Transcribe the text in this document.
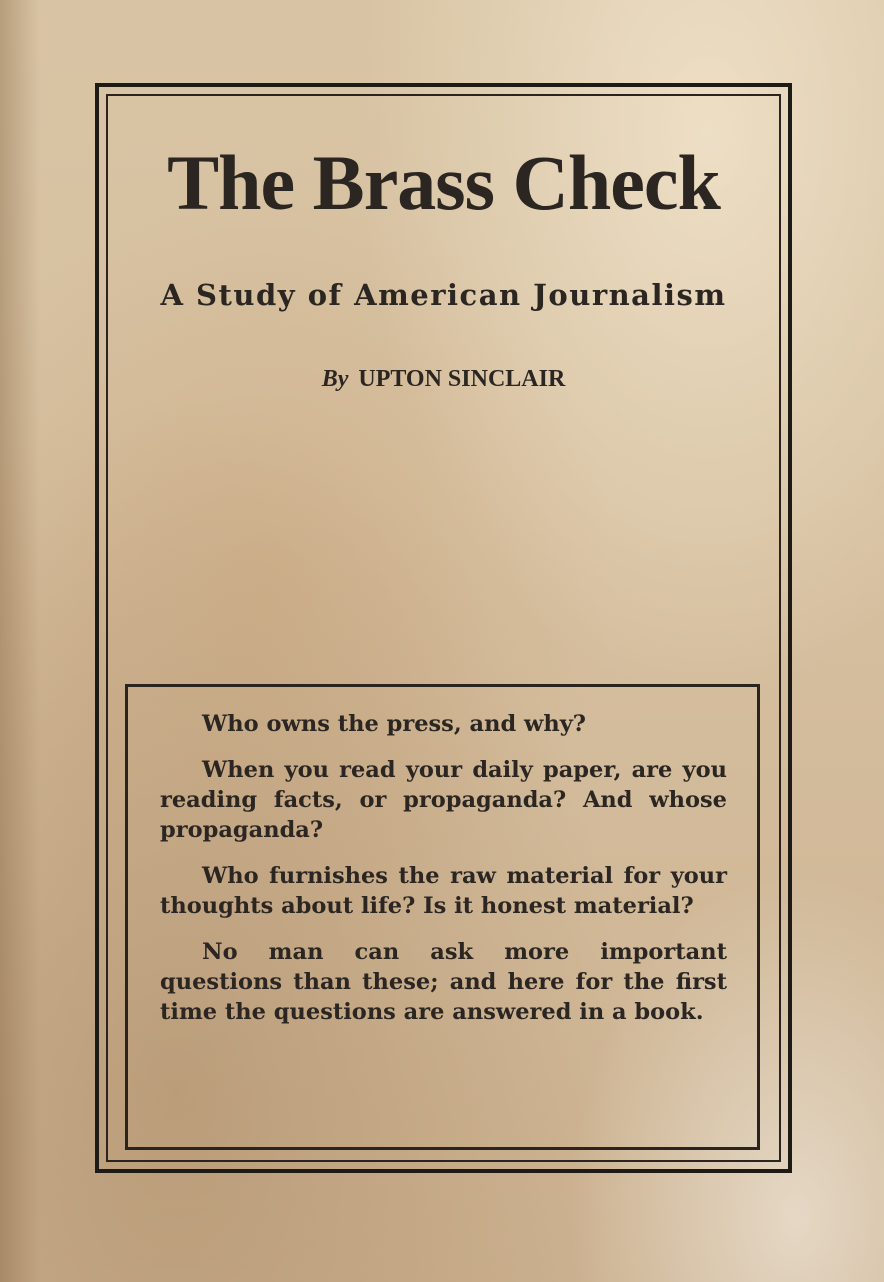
The Brass Check
A Study of American Journalism
By UPTON SINCLAIR

Who owns the press, and why?

When you read your daily paper, are you reading facts, or propaganda? And whose propaganda?

Who furnishes the raw material for your thoughts about life? Is it honest material?

No man can ask more important questions than these; and here for the first time the questions are answered in a book.
